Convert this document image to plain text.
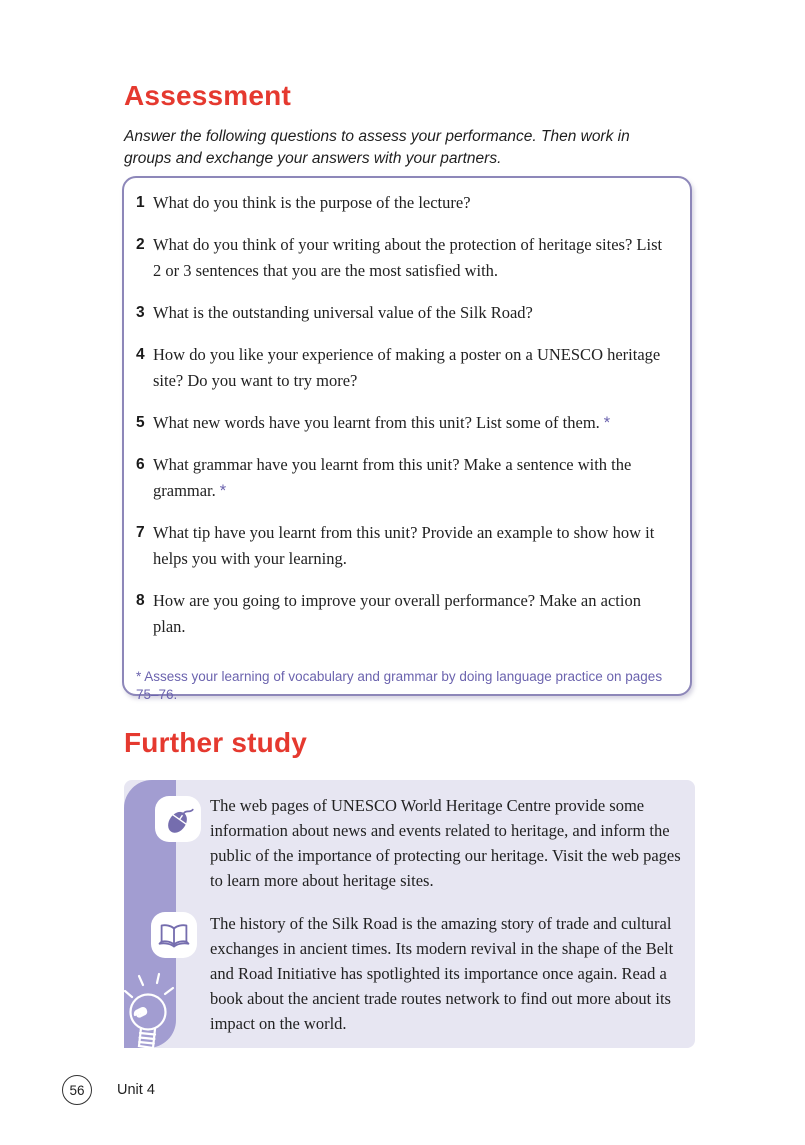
Assessment
Answer the following questions to assess your performance. Then work in groups and exchange your answers with your partners.
1 What do you think is the purpose of the lecture?
2 What do you think of your writing about the protection of heritage sites? List 2 or 3 sentences that you are the most satisfied with.
3 What is the outstanding universal value of the Silk Road?
4 How do you like your experience of making a poster on a UNESCO heritage site? Do you want to try more?
5 What new words have you learnt from this unit? List some of them. *
6 What grammar have you learnt from this unit? Make a sentence with the grammar. *
7 What tip have you learnt from this unit? Provide an example to show how it helps you with your learning.
8 How are you going to improve your overall performance? Make an action plan.
* Assess your learning of vocabulary and grammar by doing language practice on pages 75–76.
Further study

The web pages of UNESCO World Heritage Centre provide some information about news and events related to heritage, and inform the public of the importance of protecting our heritage. Visit the web pages to learn more about heritage sites.

The history of the Silk Road is the amazing story of trade and cultural exchanges in ancient times. Its modern revival in the shape of the Belt and Road Initiative has spotlighted its importance once again. Read a book about the ancient trade routes network to find out more about its impact on the world.

56 Unit 4
